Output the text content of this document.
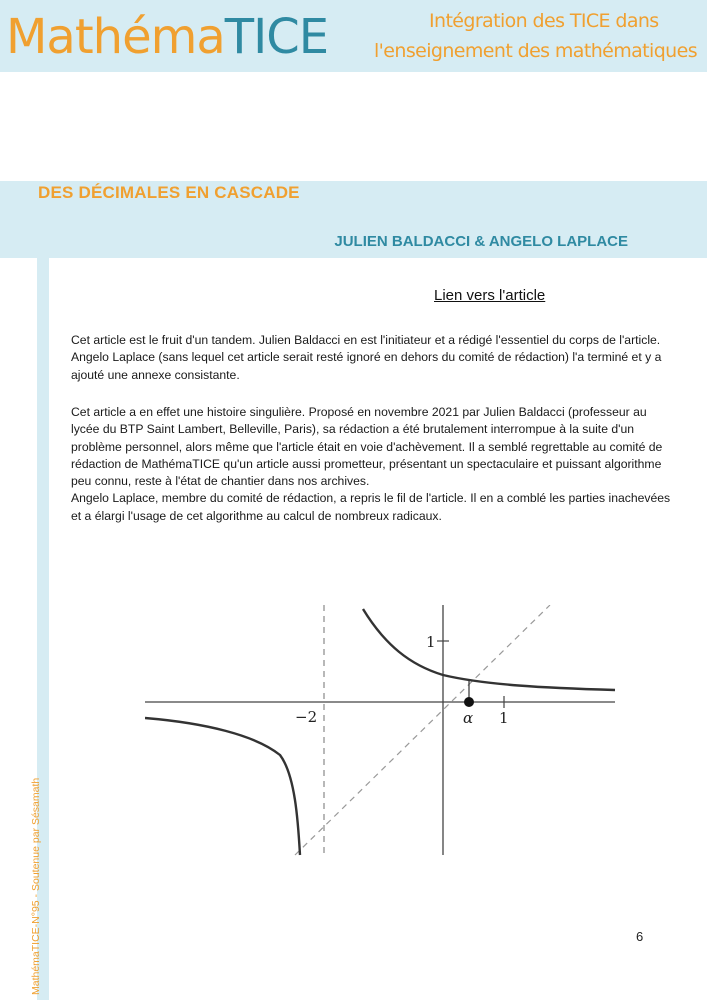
MathémaTICE	Intégration des TICE dans
l'enseignement des mathématiques
DES DÉCIMALES EN CASCADE
JULIEN BALDACCI & ANGELO LAPLACE
MathémaTICE-N°95 - Soutenue par Sésamath
Lien vers l'article

Cet article est le fruit d'un tandem. Julien Baldacci en est l'initiateur et a rédigé l'essentiel du corps de l'article. Angelo Laplace (sans lequel cet article serait resté ignoré en dehors du comité de rédaction) l'a terminé et y a ajouté une annexe consistante.

Cet article a en effet une histoire singulière. Proposé en novembre 2021 par Julien Baldacci (professeur au lycée du BTP Saint Lambert, Belleville, Paris), sa rédaction a été brutalement interrompue à la suite d'un problème personnel, alors même que l'article était en voie d'achèvement. Il a semblé regrettable au comité de rédaction de MathémaTICE qu'un article aussi prometteur, présentant un spectaculaire et puissant algorithme peu connu, reste à l'état de chantier dans nos archives.
Angelo Laplace, membre du comité de rédaction, a repris le fil de l'article. Il en a comblé les parties inachevées et a élargi l'usage de cet algorithme au calcul de nombreux radicaux.
1
−2	α 1
6
